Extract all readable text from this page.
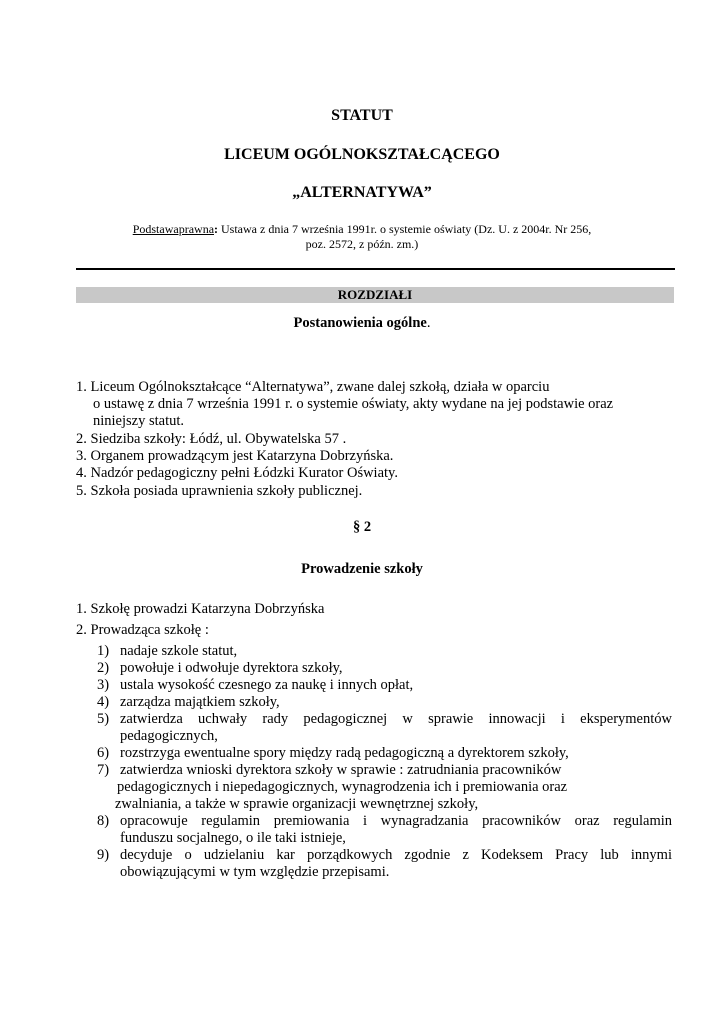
STATUT
LICEUM OGÓLNOKSZTAŁCĄCEGO
„ALTERNATYWA”
Podstawaprawna: Ustawa z dnia 7 września 1991r. o systemie oświaty (Dz. U. z 2004r. Nr 256,
poz. 2572, z późn. zm.)
ROZDZIAŁI
Postanowienia ogólne.
1. Liceum Ogólnokształcące “Alternatywa”, zwane dalej szkołą, działa w oparciu
o ustawę z dnia 7 września 1991 r. o systemie oświaty, akty wydane na jej podstawie oraz
niniejszy statut.
2. Siedziba szkoły: Łódź, ul. Obywatelska 57 .
3. Organem prowadzącym jest Katarzyna Dobrzyńska.
4. Nadzór pedagogiczny pełni Łódzki Kurator Oświaty.
5. Szkoła posiada uprawnienia szkoły publicznej.
§ 2
Prowadzenie szkoły
1. Szkołę prowadzi Katarzyna Dobrzyńska
2. Prowadząca szkołę :
1) nadaje szkole statut,
2) powołuje i odwołuje dyrektora szkoły,
3) ustala wysokość czesnego za naukę i innych opłat,
4) zarządza majątkiem szkoły,
5) zatwierdza uchwały rady pedagogicznej w sprawie innowacji i eksperymentów
pedagogicznych,
6) rozstrzyga ewentualne spory między radą pedagogiczną a dyrektorem szkoły,
7) zatwierdza wnioski dyrektora szkoły w sprawie : zatrudniania pracowników
pedagogicznych i niepedagogicznych, wynagrodzenia ich i premiowania oraz
zwalniania, a także w sprawie organizacji wewnętrznej szkoły,
8) opracowuje regulamin premiowania i wynagradzania pracowników oraz regulamin
funduszu socjalnego, o ile taki istnieje,
9) decyduje o udzielaniu kar porządkowych zgodnie z Kodeksem Pracy lub innymi
obowiązującymi w tym względzie przepisami.
